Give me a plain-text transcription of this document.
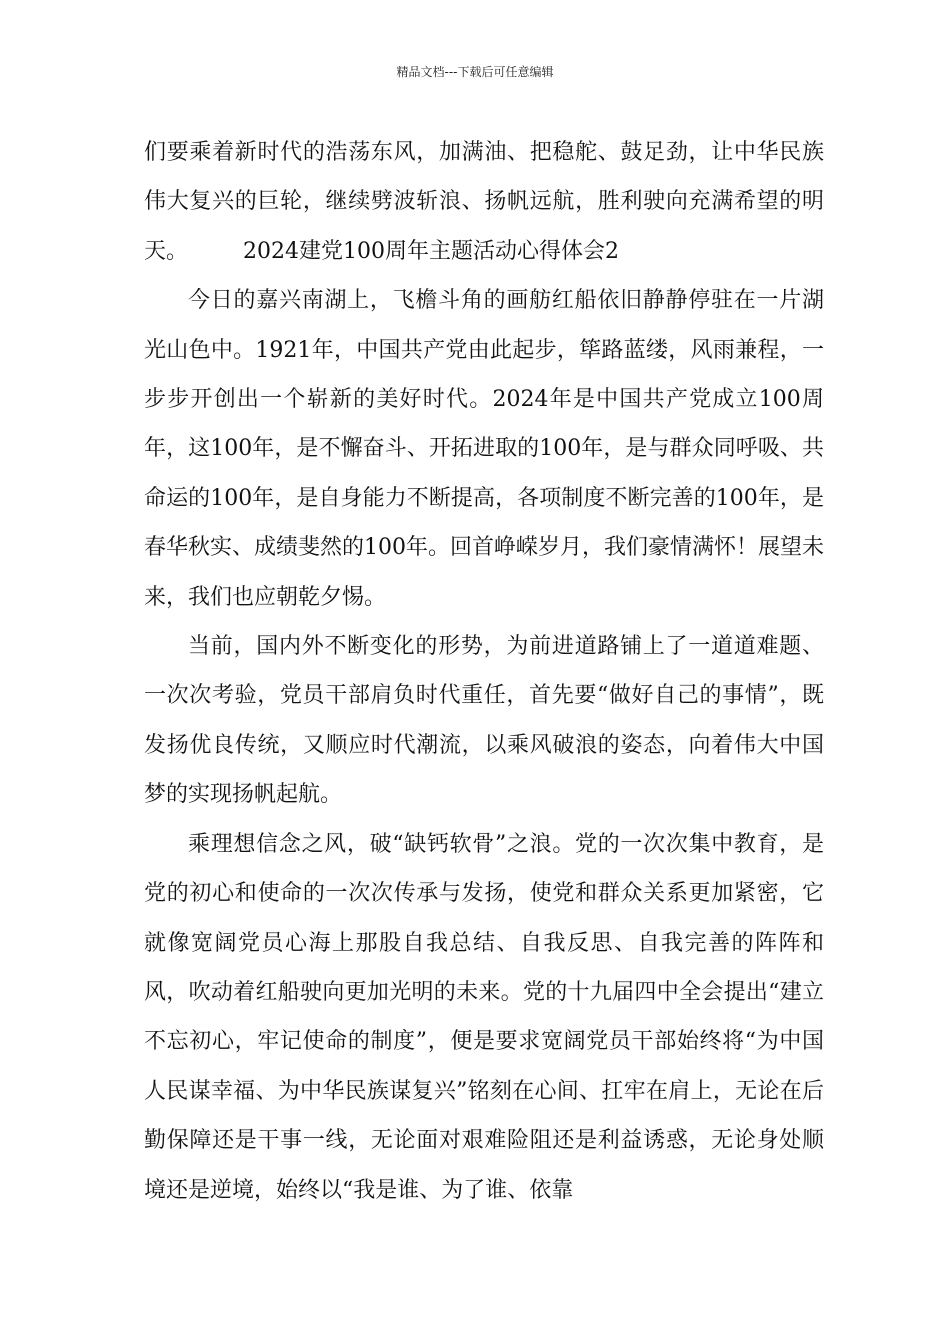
精品文档---下载后可任意编辑

们要乘着新时代的浩荡东风，加满油、把稳舵、鼓足劲，让中华民族伟大复兴的巨轮，继续劈波斩浪、扬帆远航，胜利驶向充满希望的明天。　　　2024建党100周年主题活动心得体会2

今日的嘉兴南湖上，飞檐斗角的画舫红船依旧静静停驻在一片湖光山色中。1921年，中国共产党由此起步，筚路蓝缕，风雨兼程，一步步开创出一个崭新的美好时代。2024年是中国共产党成立100周年，这100年，是不懈奋斗、开拓进取的100年，是与群众同呼吸、共命运的100年，是自身能力不断提高，各项制度不断完善的100年，是春华秋实、成绩斐然的100年。回首峥嵘岁月，我们豪情满怀！展望未来，我们也应朝乾夕惕。

当前，国内外不断变化的形势，为前进道路铺上了一道道难题、一次次考验，党员干部肩负时代重任，首先要“做好自己的事情”，既发扬优良传统，又顺应时代潮流，以乘风破浪的姿态，向着伟大中国梦的实现扬帆起航。

乘理想信念之风，破“缺钙软骨”之浪。党的一次次集中教育，是党的初心和使命的一次次传承与发扬，使党和群众关系更加紧密，它就像宽阔党员心海上那股自我总结、自我反思、自我完善的阵阵和风，吹动着红船驶向更加光明的未来。党的十九届四中全会提出“建立不忘初心，牢记使命的制度”，便是要求宽阔党员干部始终将“为中国人民谋幸福、为中华民族谋复兴”铭刻在心间、扛牢在肩上，无论在后勤保障还是干事一线，无论面对艰难险阻还是利益诱惑，无论身处顺境还是逆境，始终以“我是谁、为了谁、依靠
